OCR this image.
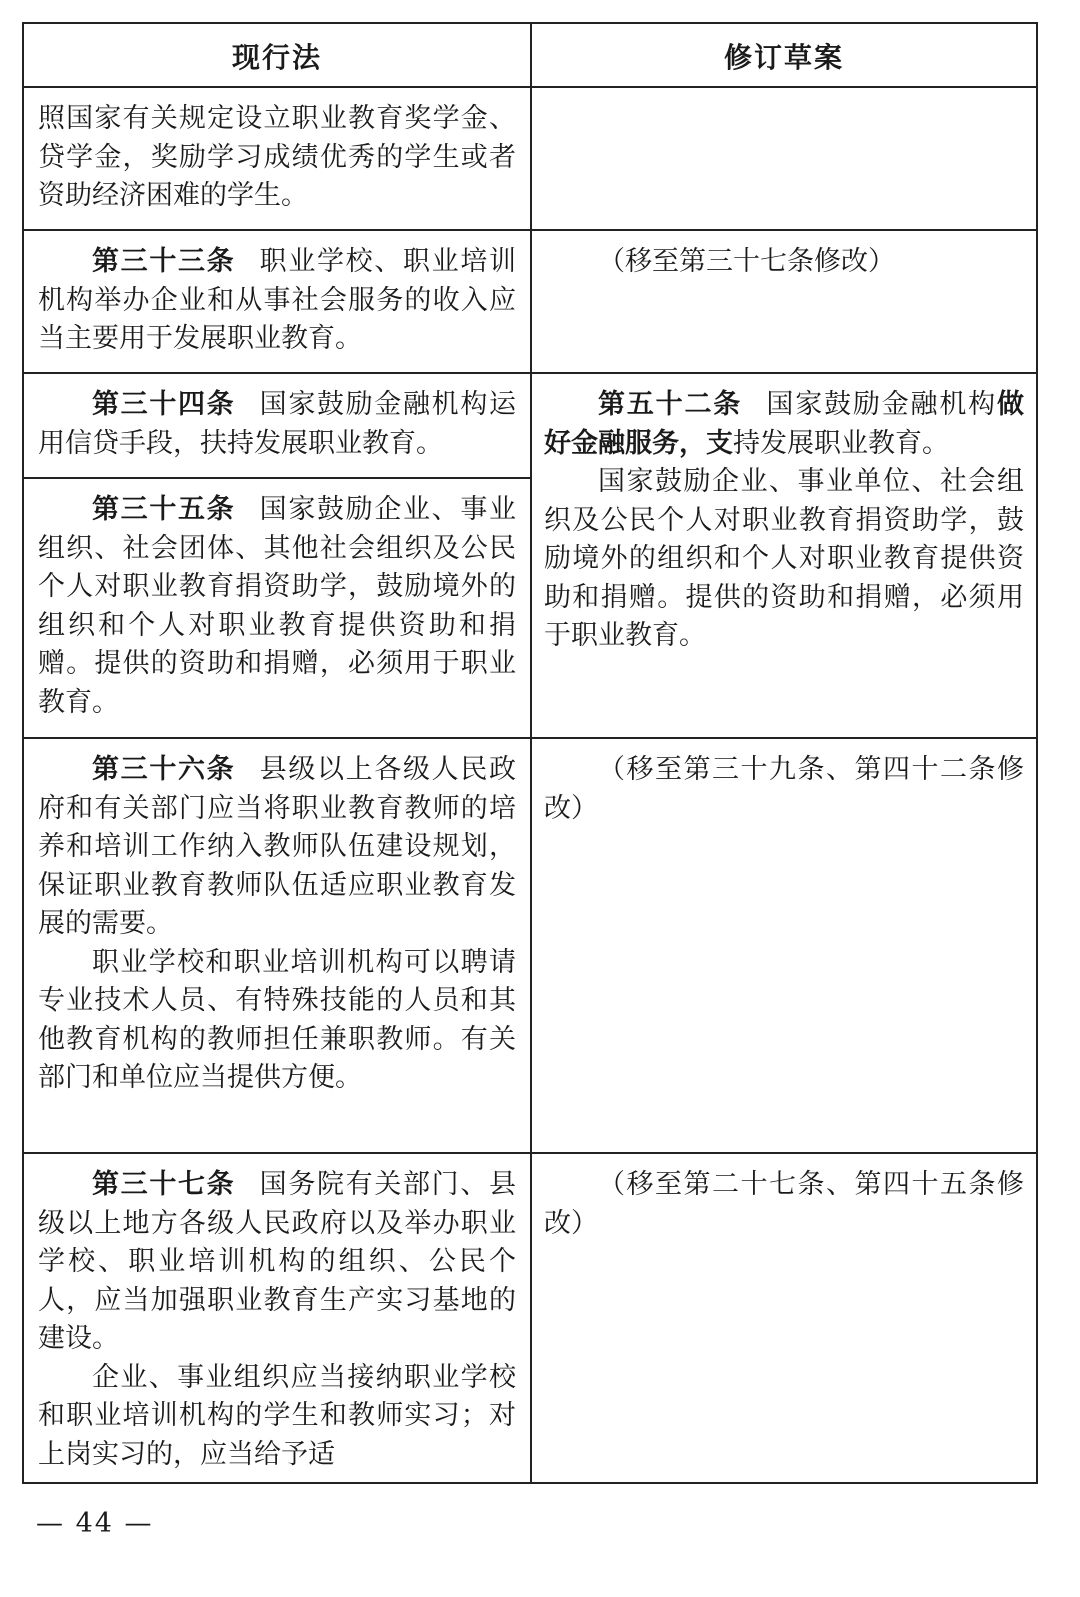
现行法	修订草案

照国家有关规定设立职业教育奖学金、贷学金，奖励学习成绩优秀的学生或者资助经济困难的学生。

第三十三条 职业学校、职业培训机构举办企业和从事社会服务的收入应当主要用于发展职业教育。

（移至第三十七条修改）

第三十四条 国家鼓励金融机构运用信贷手段，扶持发展职业教育。

第五十二条 国家鼓励金融机构做好金融服务，支持发展职业教育。

国家鼓励企业、事业单位、社会组织及公民个人对职业教育捐资助学，鼓励境外的组织和个人对职业教育提供资助和捐赠。提供的资助和捐赠，必须用于职业教育。

第三十五条 国家鼓励企业、事业组织、社会团体、其他社会组织及公民个人对职业教育捐资助学，鼓励境外的组织和个人对职业教育提供资助和捐赠。提供的资助和捐赠，必须用于职业教育。

第三十六条 县级以上各级人民政府和有关部门应当将职业教育教师的培养和培训工作纳入教师队伍建设规划，保证职业教育教师队伍适应职业教育发展的需要。

职业学校和职业培训机构可以聘请专业技术人员、有特殊技能的人员和其他教育机构的教师担任兼职教师。有关部门和单位应当提供方便。

（移至第三十九条、第四十二条修改）

第三十七条 国务院有关部门、县级以上地方各级人民政府以及举办职业学校、职业培训机构的组织、公民个人，应当加强职业教育生产实习基地的建设。

企业、事业组织应当接纳职业学校和职业培训机构的学生和教师实习；对上岗实习的，应当给予适

（移至第二十七条、第四十五条修改）

— 44 —
